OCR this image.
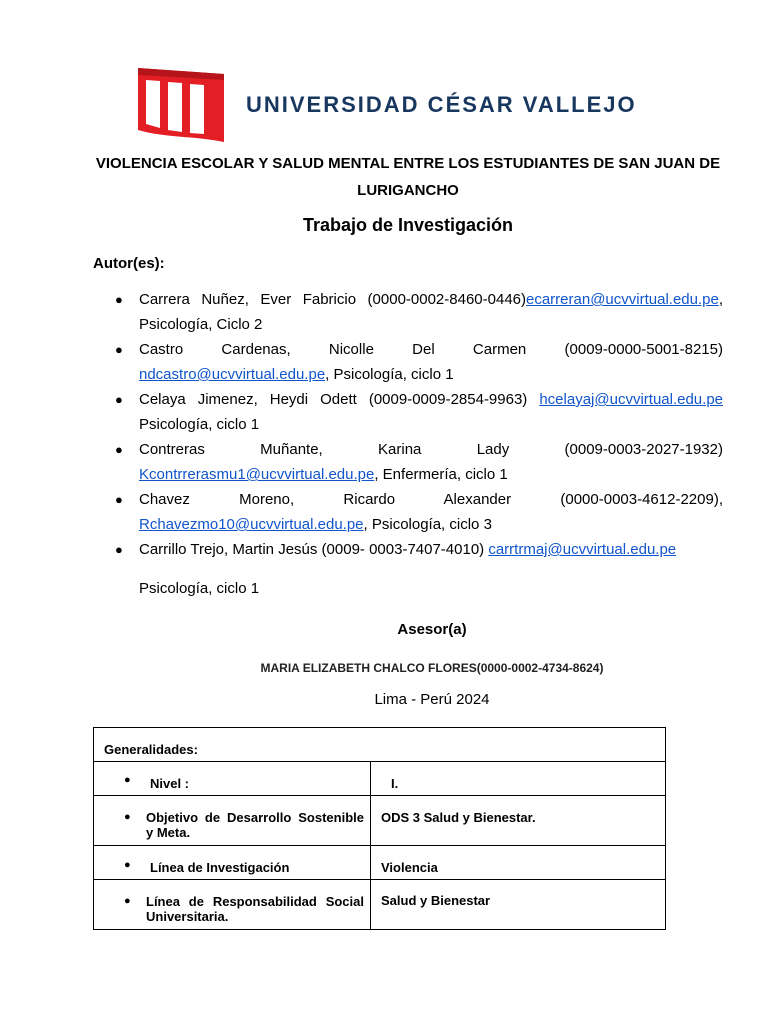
UNIVERSIDAD CÉSAR VALLEJO
VIOLENCIA ESCOLAR Y SALUD MENTAL ENTRE LOS ESTUDIANTES DE SAN JUAN DE LURIGANCHO
Trabajo de Investigación
Autor(es):
● Carrera Nuñez, Ever Fabricio (0000-0002-8460-0446)ecarreran@ucvvirtual.edu.pe,
Psicología, Ciclo 2
● Castro Cardenas, Nicolle Del Carmen (0009-0000-5001-8215)
ndcastro@ucvvirtual.edu.pe, Psicología, ciclo 1
● Celaya Jimenez, Heydi Odett (0009-0009-2854-9963) hcelayaj@ucvvirtual.edu.pe
Psicología, ciclo 1
● Contreras Muñante, Karina Lady (0009-0003-2027-1932)
Kcontrrerasmu1@ucvvirtual.edu.pe, Enfermería, ciclo 1
● Chavez Moreno, Ricardo Alexander (0000-0003-4612-2209),
Rchavezmo10@ucvvirtual.edu.pe, Psicología, ciclo 3
● Carrillo Trejo, Martin Jesús (0009- 0003-7407-4010) carrtrmaj@ucvvirtual.edu.pe
Psicología, ciclo 1
Asesor(a)
MARIA ELIZABETH CHALCO FLORES(0000-0002-4734-8624)
Lima - Perú 2024
Generalidades:	

● Nivel :	I.

● Objetivo de Desarrollo Sostenible y Meta.	ODS 3 Salud y Bienestar.

● Línea de Investigación	Violencia

● Línea de Responsabilidad Social Universitaria.	Salud y Bienestar
